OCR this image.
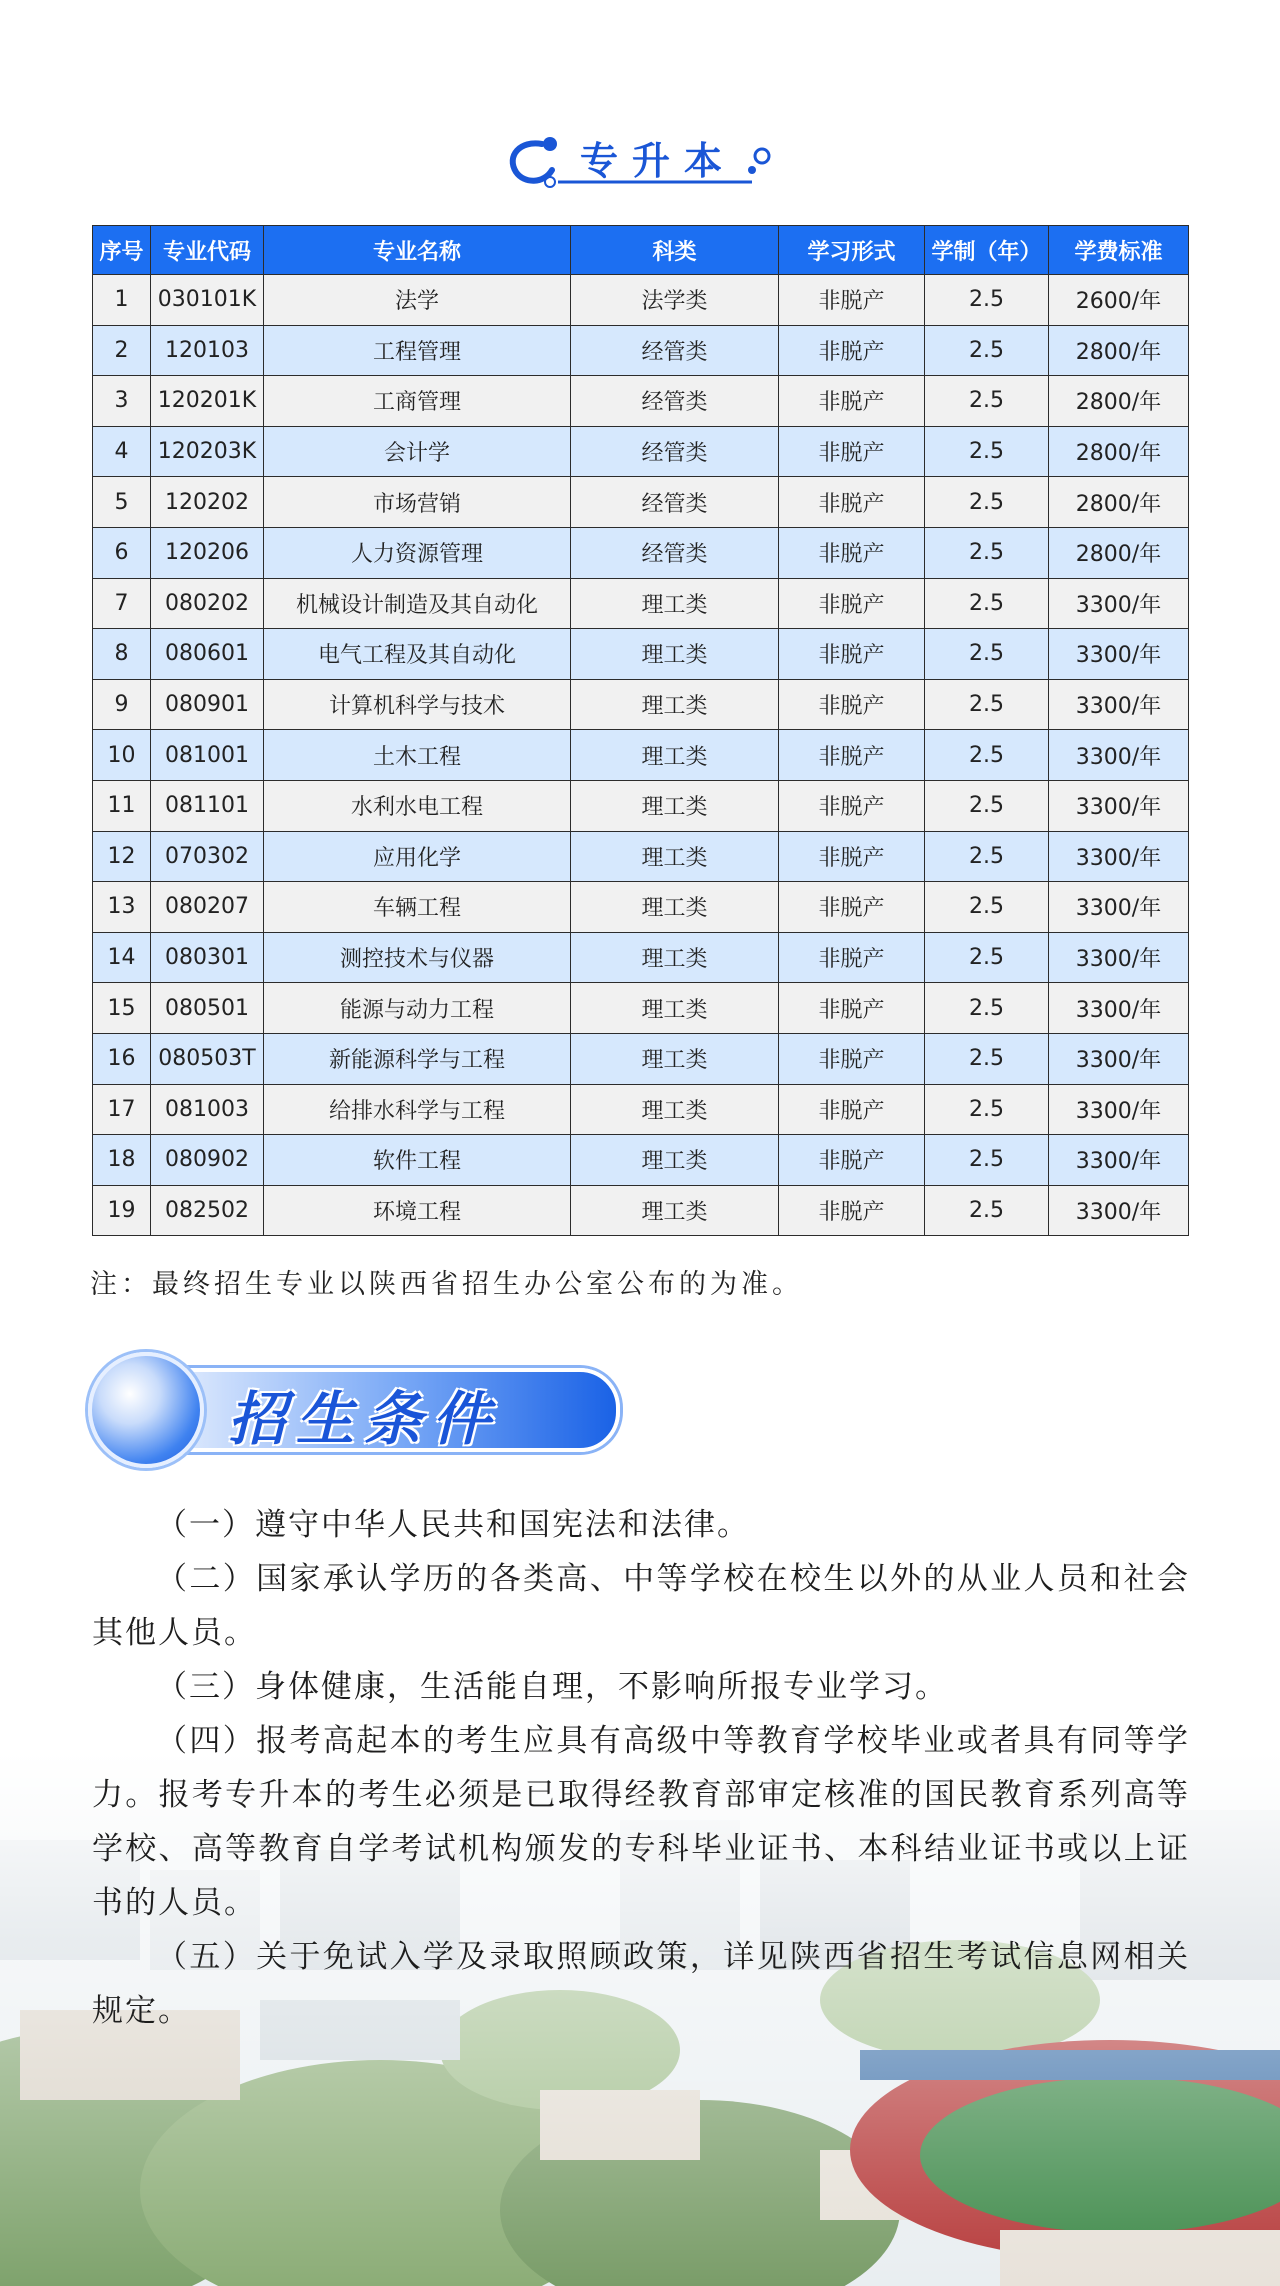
专升本
序号	专业代码	专业名称	科类	学习形式	学制（年）	学费标准
1	030101K	法学	法学类	非脱产	2.5	2600/年
2	120103	工程管理	经管类	非脱产	2.5	2800/年
3	120201K	工商管理	经管类	非脱产	2.5	2800/年
4	120203K	会计学	经管类	非脱产	2.5	2800/年
5	120202	市场营销	经管类	非脱产	2.5	2800/年
6	120206	人力资源管理	经管类	非脱产	2.5	2800/年
7	080202	机械设计制造及其自动化	理工类	非脱产	2.5	3300/年
8	080601	电气工程及其自动化	理工类	非脱产	2.5	3300/年
9	080901	计算机科学与技术	理工类	非脱产	2.5	3300/年
10	081001	土木工程	理工类	非脱产	2.5	3300/年
11	081101	水利水电工程	理工类	非脱产	2.5	3300/年
12	070302	应用化学	理工类	非脱产	2.5	3300/年
13	080207	车辆工程	理工类	非脱产	2.5	3300/年
14	080301	测控技术与仪器	理工类	非脱产	2.5	3300/年
15	080501	能源与动力工程	理工类	非脱产	2.5	3300/年
16	080503T	新能源科学与工程	理工类	非脱产	2.5	3300/年
17	081003	给排水科学与工程	理工类	非脱产	2.5	3300/年
18	080902	软件工程	理工类	非脱产	2.5	3300/年
19	082502	环境工程	理工类	非脱产	2.5	3300/年
注：最终招生专业以陕西省招生办公室公布的为准。
招生条件

（一）遵守中华人民共和国宪法和法律。

（二）国家承认学历的各类高、中等学校在校生以外的从业人员和社会其他人员。

（三）身体健康，生活能自理，不影响所报专业学习。

（四）报考高起本的考生应具有高级中等教育学校毕业或者具有同等学力。报考专升本的考生必须是已取得经教育部审定核准的国民教育系列高等学校、高等教育自学考试机构颁发的专科毕业证书、本科结业证书或以上证书的人员。

（五）关于免试入学及录取照顾政策，详见陕西省招生考试信息网相关规定。
